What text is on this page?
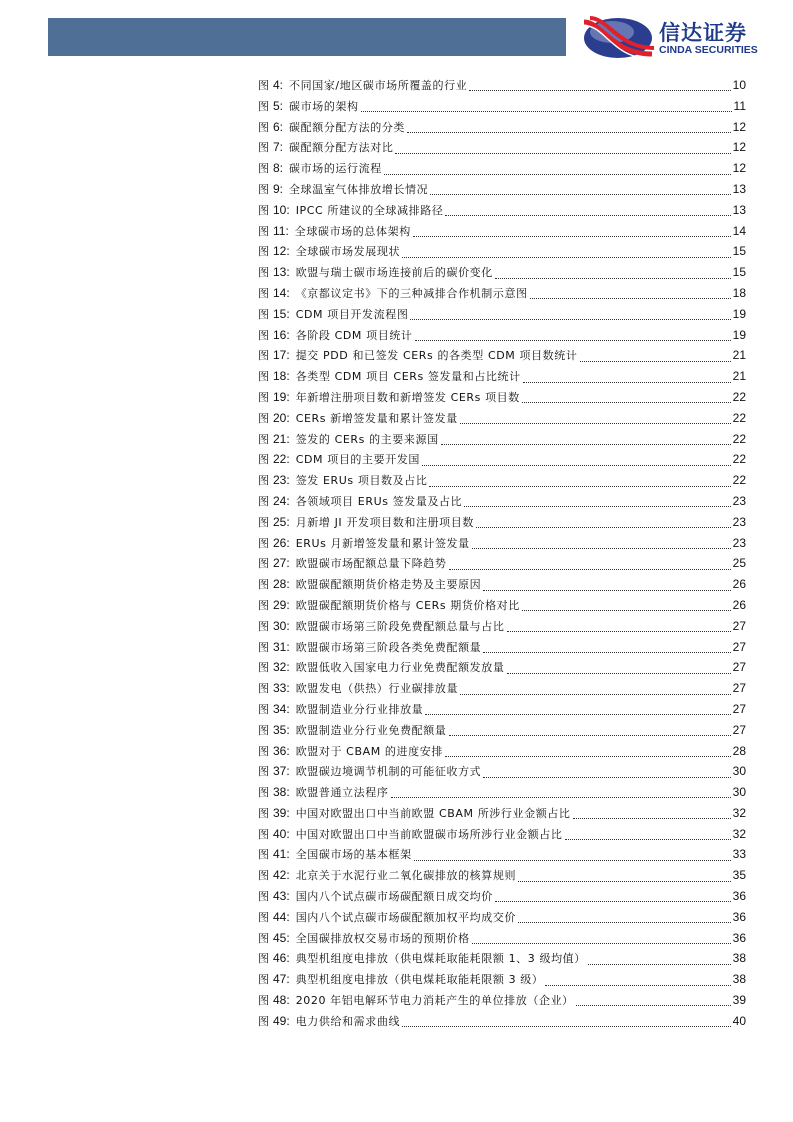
信达证券
CINDA SECURITIES
图 4: 不同国家/地区碳市场所覆盖的行业	10
图 5: 碳市场的架构	11
图 6: 碳配额分配方法的分类	12
图 7: 碳配额分配方法对比	12
图 8: 碳市场的运行流程	12
图 9: 全球温室气体排放增长情况	13
图 10: IPCC 所建议的全球减排路径	13
图 11: 全球碳市场的总体架构	14
图 12: 全球碳市场发展现状	15
图 13: 欧盟与瑞士碳市场连接前后的碳价变化	15
图 14: 《京都议定书》下的三种减排合作机制示意图	18
图 15: CDM 项目开发流程图	19
图 16: 各阶段 CDM 项目统计	19
图 17: 提交 PDD 和已签发 CERs 的各类型 CDM 项目数统计	21
图 18: 各类型 CDM 项目 CERs 签发量和占比统计	21
图 19: 年新增注册项目数和新增签发 CERs 项目数	22
图 20: CERs 新增签发量和累计签发量	22
图 21: 签发的 CERs 的主要来源国	22
图 22: CDM 项目的主要开发国	22
图 23: 签发 ERUs 项目数及占比	22
图 24: 各领域项目 ERUs 签发量及占比	23
图 25: 月新增 JI 开发项目数和注册项目数	23
图 26: ERUs 月新增签发量和累计签发量	23
图 27: 欧盟碳市场配额总量下降趋势	25
图 28: 欧盟碳配额期货价格走势及主要原因	26
图 29: 欧盟碳配额期货价格与 CERs 期货价格对比	26
图 30: 欧盟碳市场第三阶段免费配额总量与占比	27
图 31: 欧盟碳市场第三阶段各类免费配额量	27
图 32: 欧盟低收入国家电力行业免费配额发放量	27
图 33: 欧盟发电（供热）行业碳排放量	27
图 34: 欧盟制造业分行业排放量	27
图 35: 欧盟制造业分行业免费配额量	27
图 36: 欧盟对于 CBAM 的进度安排	28
图 37: 欧盟碳边境调节机制的可能征收方式	30
图 38: 欧盟普通立法程序	30
图 39: 中国对欧盟出口中当前欧盟 CBAM 所涉行业金额占比	32
图 40: 中国对欧盟出口中当前欧盟碳市场所涉行业金额占比	32
图 41: 全国碳市场的基本框架	33
图 42: 北京关于水泥行业二氧化碳排放的核算规则	35
图 43: 国内八个试点碳市场碳配额日成交均价	36
图 44: 国内八个试点碳市场碳配额加权平均成交价	36
图 45: 全国碳排放权交易市场的预期价格	36
图 46: 典型机组度电排放（供电煤耗取能耗限额 1、3 级均值）	38
图 47: 典型机组度电排放（供电煤耗取能耗限额 3 级）	38
图 48: 2020 年铝电解环节电力消耗产生的单位排放（企业）	39
图 49: 电力供给和需求曲线	40
